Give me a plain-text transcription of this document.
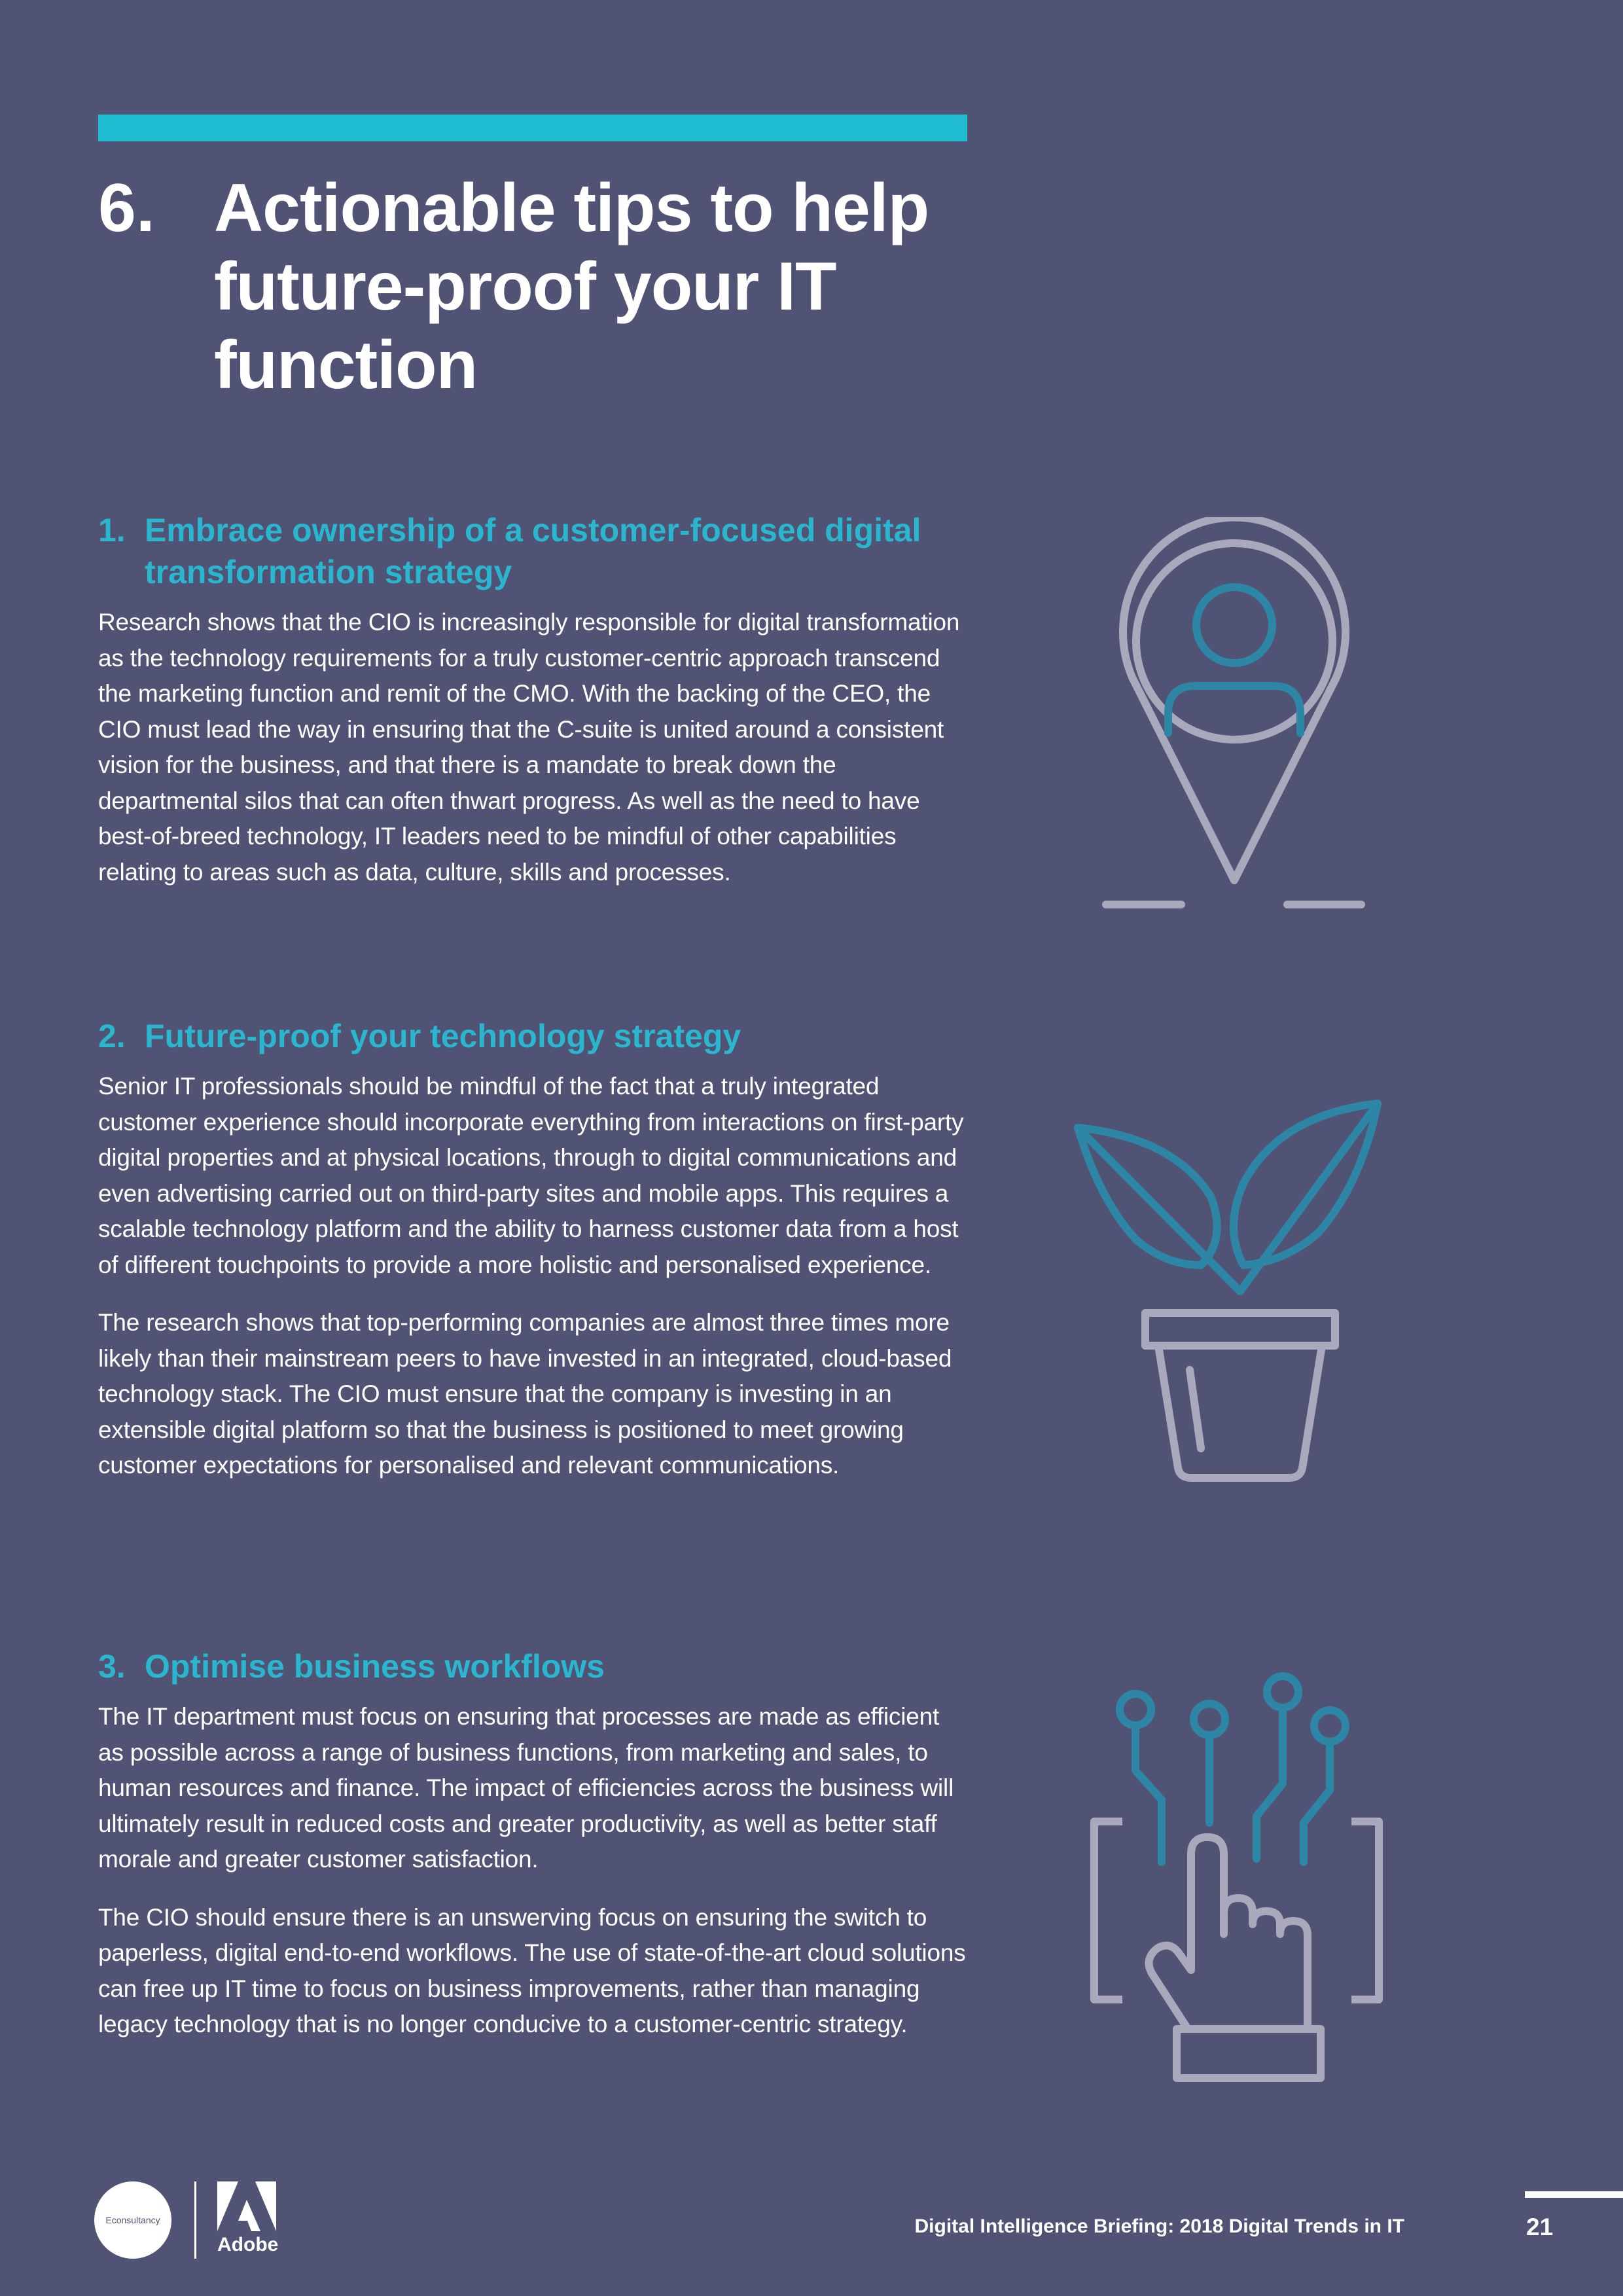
6. Actionable tips to help future-proof your IT function
1. Embrace ownership of a customer-focused digital transformation strategy

Research shows that the CIO is increasingly responsible for digital transformation as the technology requirements for a truly customer-centric approach transcend the marketing function and remit of the CMO. With the backing of the CEO, the CIO must lead the way in ensuring that the C-suite is united around a consistent vision for the business, and that there is a mandate to break down the departmental silos that can often thwart progress. As well as the need to have best-of-breed technology, IT leaders need to be mindful of other capabilities relating to areas such as data, culture, skills and processes.

2. Future-proof your technology strategy

Senior IT professionals should be mindful of the fact that a truly integrated customer experience should incorporate everything from interactions on first-party digital properties and at physical locations, through to digital communications and even advertising carried out on third-party sites and mobile apps. This requires a scalable technology platform and the ability to harness customer data from a host of different touchpoints to provide a more holistic and personalised experience.

The research shows that top-performing companies are almost three times more likely than their mainstream peers to have invested in an integrated, cloud-based technology stack. The CIO must ensure that the company is investing in an extensible digital platform so that the business is positioned to meet growing customer expectations for personalised and relevant communications.

3. Optimise business workflows

The IT department must focus on ensuring that processes are made as efficient as possible across a range of business functions, from marketing and sales, to human resources and finance. The impact of efficiencies across the business will ultimately result in reduced costs and greater productivity, as well as better staff morale and greater customer satisfaction.

The CIO should ensure there is an unswerving focus on ensuring the switch to paperless, digital end-to-end workflows. The use of state-of-the-art cloud solutions can free up IT time to focus on business improvements, rather than managing legacy technology that is no longer conducive to a customer-centric strategy.

Econsultancy
Adobe
Digital Intelligence Briefing: 2018 Digital Trends in IT	21
